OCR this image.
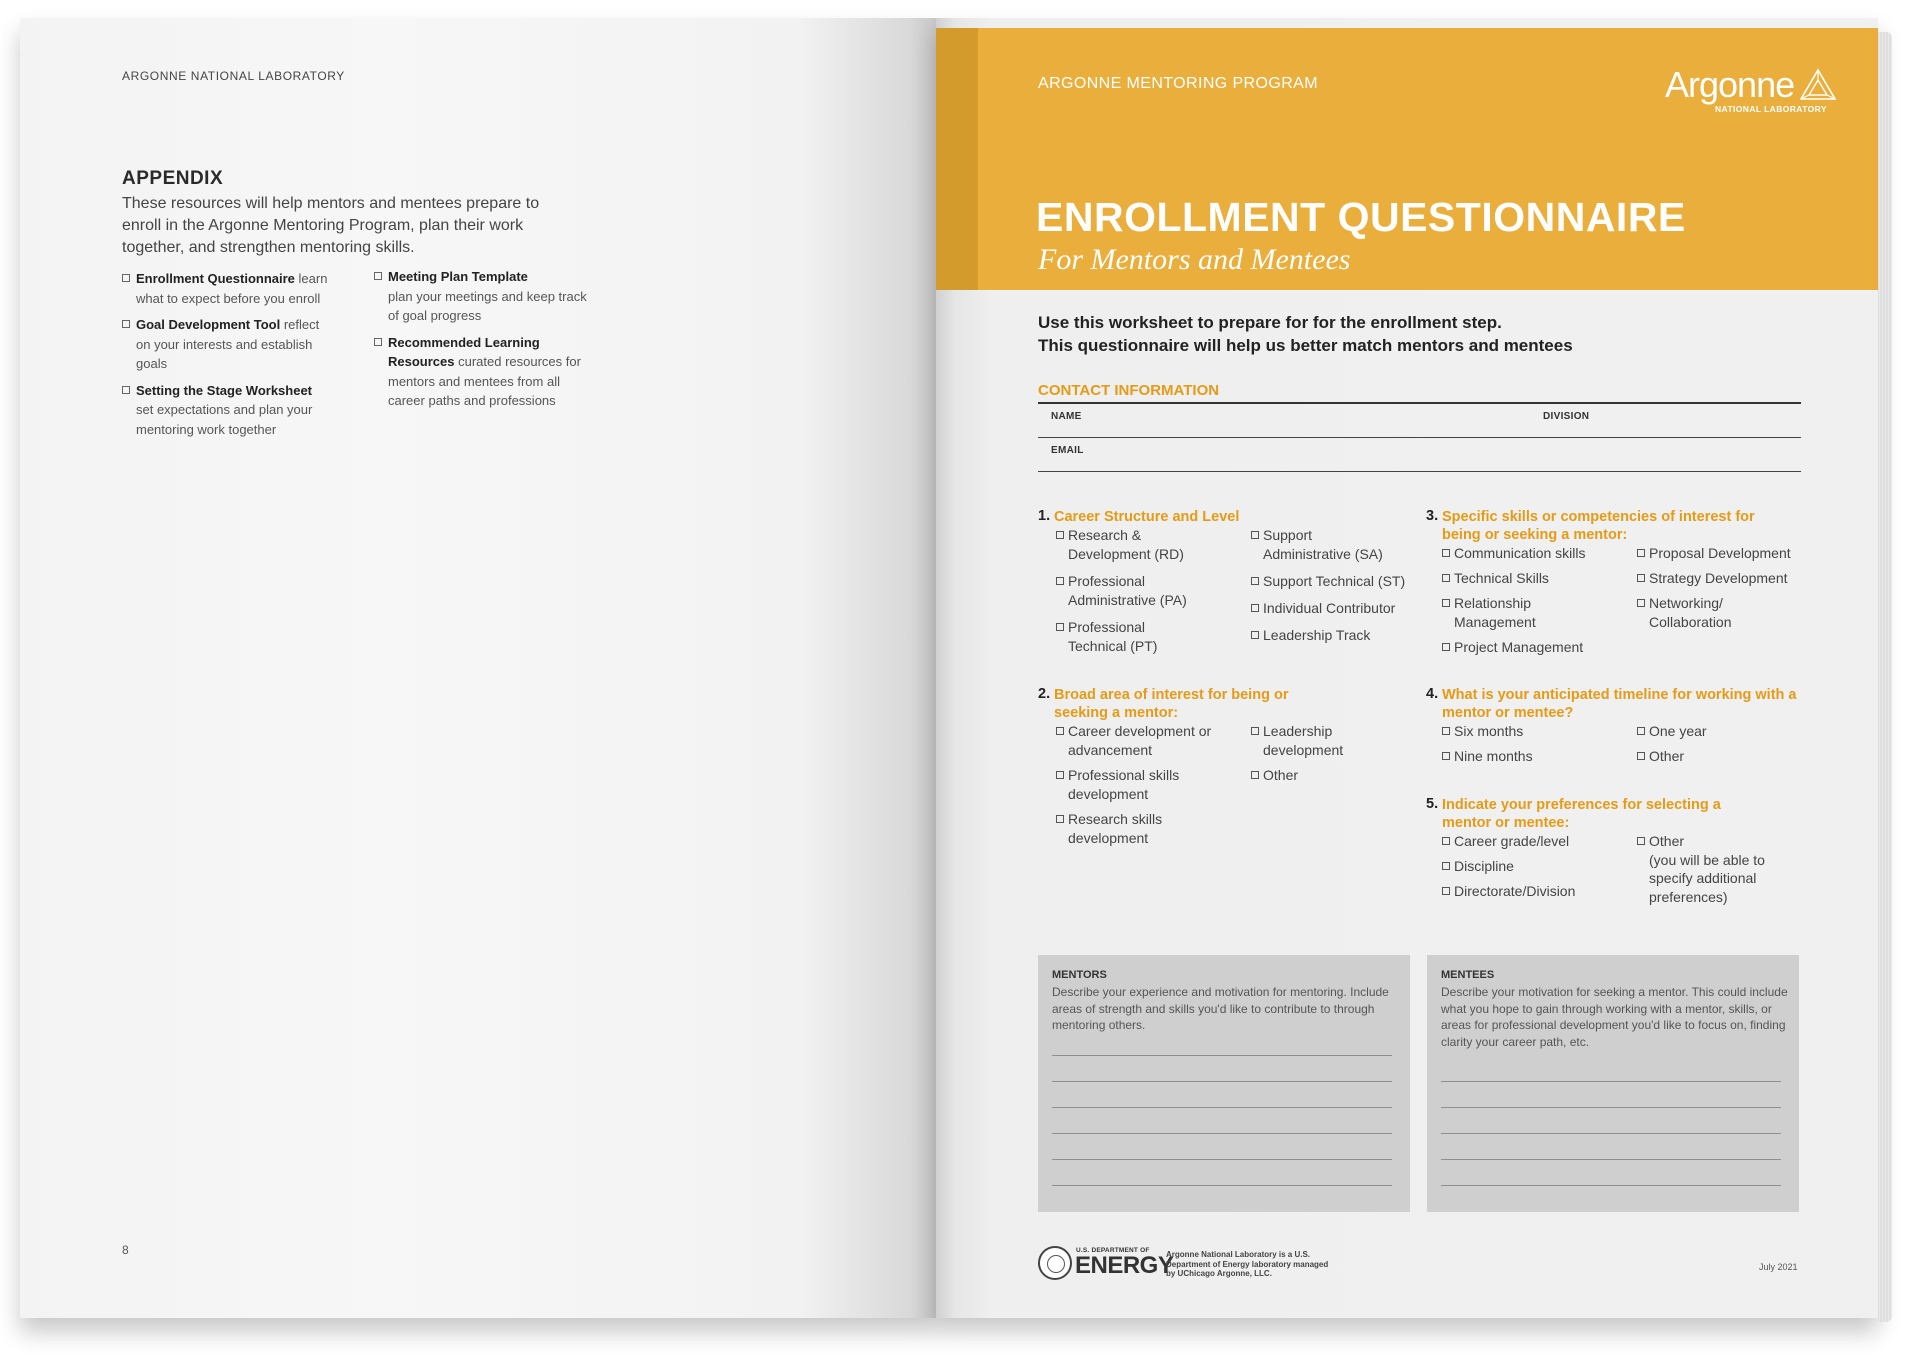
ARGONNE NATIONAL LABORATORY
APPENDIX
These resources will help mentors and mentees prepare to enroll in the Argonne Mentoring Program, plan their work together, and strengthen mentoring skills.
Enrollment Questionnaire learn what to expect before you enroll
Goal Development Tool reflect on your interests and establish goals
Setting the Stage Worksheet
set expectations and plan your mentoring work together
Meeting Plan Template
plan your meetings and keep track of goal progress
Recommended Learning Resources curated resources for mentors and mentees from all career paths and professions
8
ARGONNE MENTORING PROGRAM	Argonne
NATIONAL LABORATORY
ENROLLMENT QUESTIONNAIRE
For Mentors and Mentees
Use this worksheet to prepare for for the enrollment step.
This questionnaire will help us better match mentors and mentees
CONTACT INFORMATION
NAME	DIVISION
EMAIL
1. Career Structure and Level
Research & Development (RD)
Professional Administrative (PA)
Professional Technical (PT)
Support Administrative (SA)
Support Technical (ST)
Individual Contributor
Leadership Track
2. Broad area of interest for being or seeking a mentor:
Career development or advancement
Professional skills development
Research skills development
Leadership development
Other
3. Specific skills or competencies of interest for being or seeking a mentor:
Communication skills
Technical Skills
Relationship Management
Project Management
Proposal Development
Strategy Development
Networking/ Collaboration
4. What is your anticipated timeline for working with a mentor or mentee?
Six months
Nine months
One year
Other
5. Indicate your preferences for selecting a mentor or mentee:
Career grade/level
Discipline
Directorate/Division
Other
(you will be able to specify additional preferences)
MENTORS
Describe your experience and motivation for mentoring. Include areas of strength and skills you'd like to contribute to through mentoring others.
MENTEES
Describe your motivation for seeking a mentor. This could include what you hope to gain through working with a mentor, skills, or areas for professional development you'd like to focus on, finding clarity your career path, etc.
U.S. DEPARTMENT OF
ENERGY
Argonne National Laboratory is a U.S. Department of Energy laboratory managed by UChicago Argonne, LLC.
July 2021
